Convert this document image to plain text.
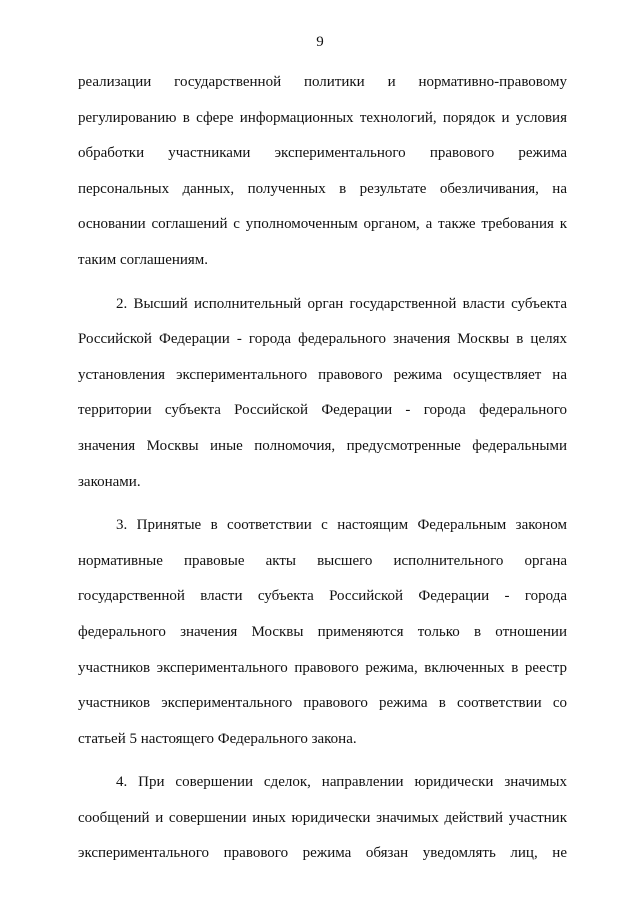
9
реализации государственной политики и нормативно-правовому
регулированию в сфере информационных технологий, порядок и условия
обработки участниками экспериментального правового режима
персональных данных, полученных в результате обезличивания, на
основании соглашений с уполномоченным органом, а также требования к
таким соглашениям.
2. Высший исполнительный орган государственной власти субъекта
Российской Федерации - города федерального значения Москвы в целях
установления экспериментального правового режима осуществляет на
территории субъекта Российской Федерации - города федерального
значения Москвы иные полномочия, предусмотренные федеральными
законами.
3. Принятые в соответствии с настоящим Федеральным законом
нормативные правовые акты высшего исполнительного органа
государственной власти субъекта Российской Федерации - города
федерального значения Москвы применяются только в отношении
участников экспериментального правового режима, включенных в реестр
участников экспериментального правового режима в соответствии со
статьей 5 настоящего Федерального закона.
4. При совершении сделок, направлении юридически значимых
сообщений и совершении иных юридически значимых действий участник
экспериментального правового режима обязан уведомлять лиц, не
